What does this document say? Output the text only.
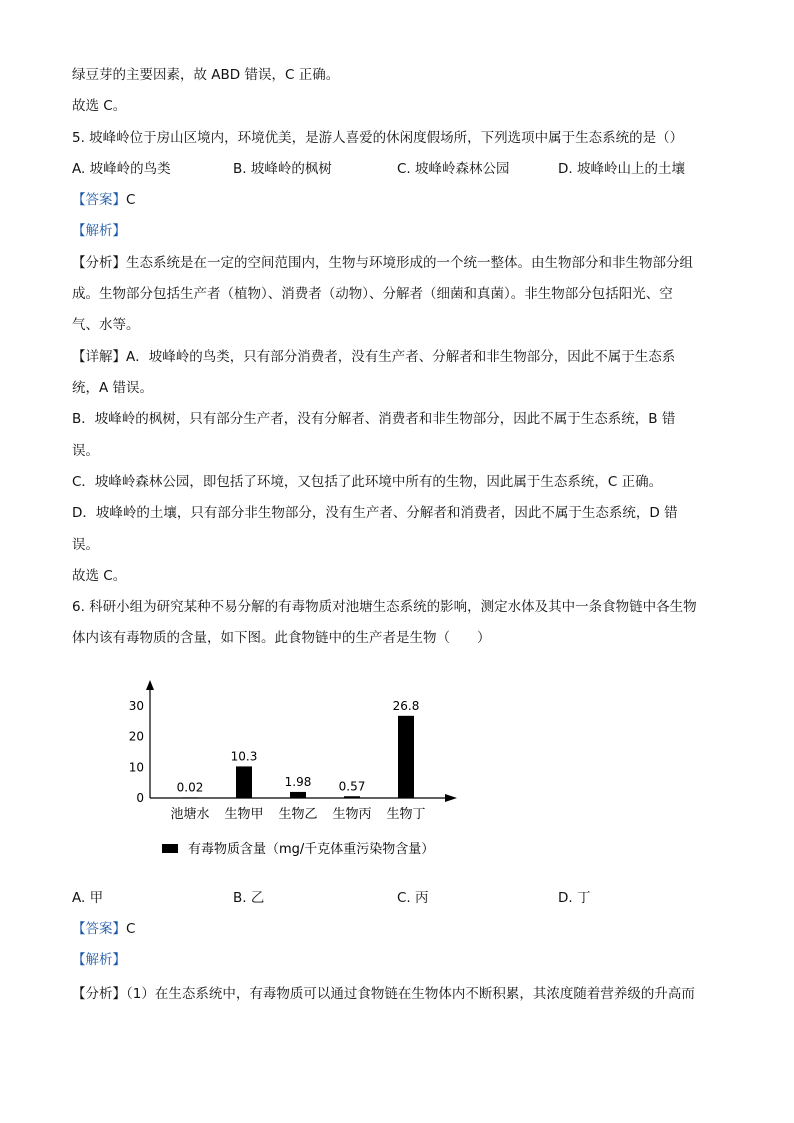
绿豆芽的主要因素，故 ABD 错误，C 正确。
故选 C。
5. 坡峰岭位于房山区境内，环境优美，是游人喜爱的休闲度假场所，下列选项中属于生态系统的是（）
A. 坡峰岭的鸟类	B. 坡峰岭的枫树	C. 坡峰岭森林公园	D. 坡峰岭山上的土壤
【答案】C
【解析】
【分析】生态系统是在一定的空间范围内，生物与环境形成的一个统一整体。由生物部分和非生物部分组
成。生物部分包括生产者（植物）、消费者（动物）、分解者（细菌和真菌）。非生物部分包括阳光、空
气、水等。
【详解】A．坡峰岭的鸟类，只有部分消费者，没有生产者、分解者和非生物部分，因此不属于生态系
统，A 错误。
B．坡峰岭的枫树，只有部分生产者，没有分解者、消费者和非生物部分，因此不属于生态系统，B 错
误。
C．坡峰岭森林公园，即包括了环境，又包括了此环境中所有的生物，因此属于生态系统，C 正确。
D．坡峰岭的土壤，只有部分非生物部分，没有生产者、分解者和消费者，因此不属于生态系统，D 错
误。
故选 C。
6. 科研小组为研究某种不易分解的有毒物质对池塘生态系统的影响，测定水体及其中一条食物链中各生物
体内该有毒物质的含量，如下图。此食物链中的生产者是生物（　　）
0
10
20
30
0.02
池塘水
10.3
生物甲
1.98
生物乙
0.57
生物丙
26.8
生物丁
有毒物质含量（mg/千克体重污染物含量）
A. 甲	B. 乙	C. 丙	D. 丁
【答案】C
【解析】
【分析】（1）在生态系统中，有毒物质可以通过食物链在生物体内不断积累，其浓度随着营养级的升高而
